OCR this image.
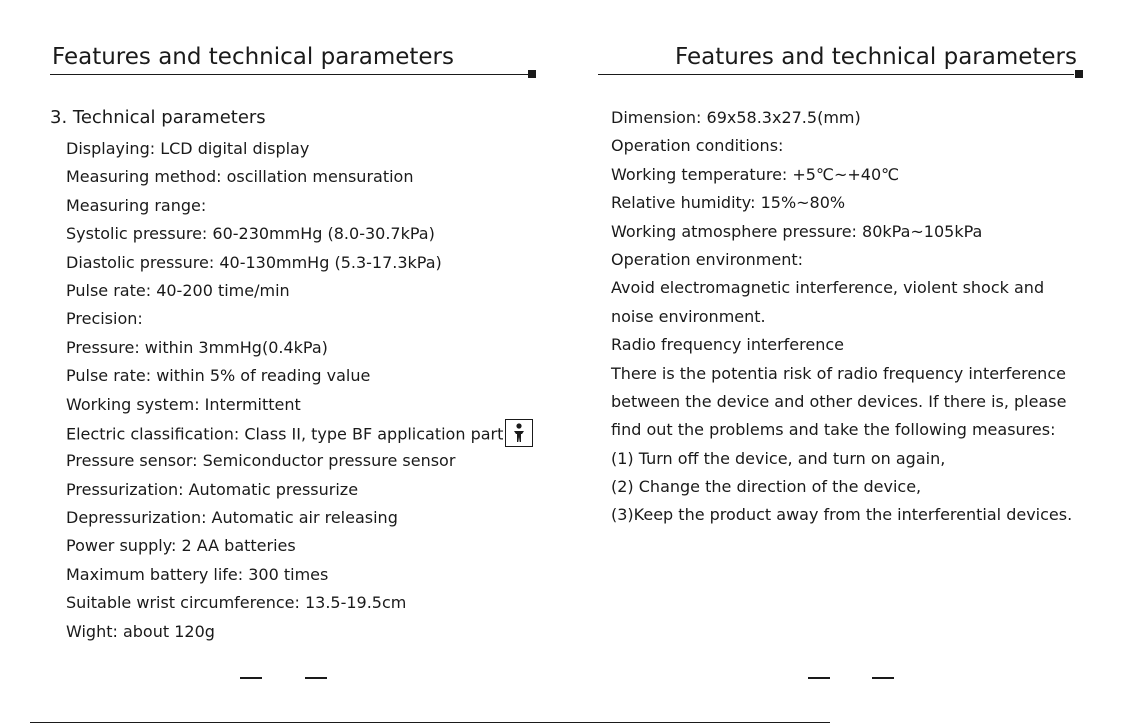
Features and technical parameters
3. Technical parameters
Displaying: LCD digital display
Measuring method: oscillation mensuration
Measuring range:
Systolic pressure: 60-230mmHg (8.0-30.7kPa)
Diastolic pressure: 40-130mmHg (5.3-17.3kPa)
Pulse rate: 40-200 time/min
Precision:
Pressure: within 3mmHg(0.4kPa)
Pulse rate: within 5% of reading value
Working system: Intermittent
Electric classification: Class II, type BF application part
Pressure sensor: Semiconductor pressure sensor
Pressurization: Automatic pressurize
Depressurization: Automatic air releasing
Power supply: 2 AA batteries
Maximum battery life: 300 times
Suitable wrist circumference: 13.5-19.5cm
Wight: about 120g
Features and technical parameters
Dimension: 69x58.3x27.5(mm)
Operation conditions:
Working temperature: +5℃~+40℃
Relative humidity: 15%~80%
Working atmosphere pressure: 80kPa~105kPa
Operation environment:
Avoid electromagnetic interference, violent shock and
noise environment.
Radio frequency interference
There is the potentia risk of radio frequency interference
between the device and other devices. If there is, please
find out the problems and take the following measures:
(1) Turn off the device, and turn on again,
(2) Change the direction of the device,
(3)Keep the product away from the interferential devices.
